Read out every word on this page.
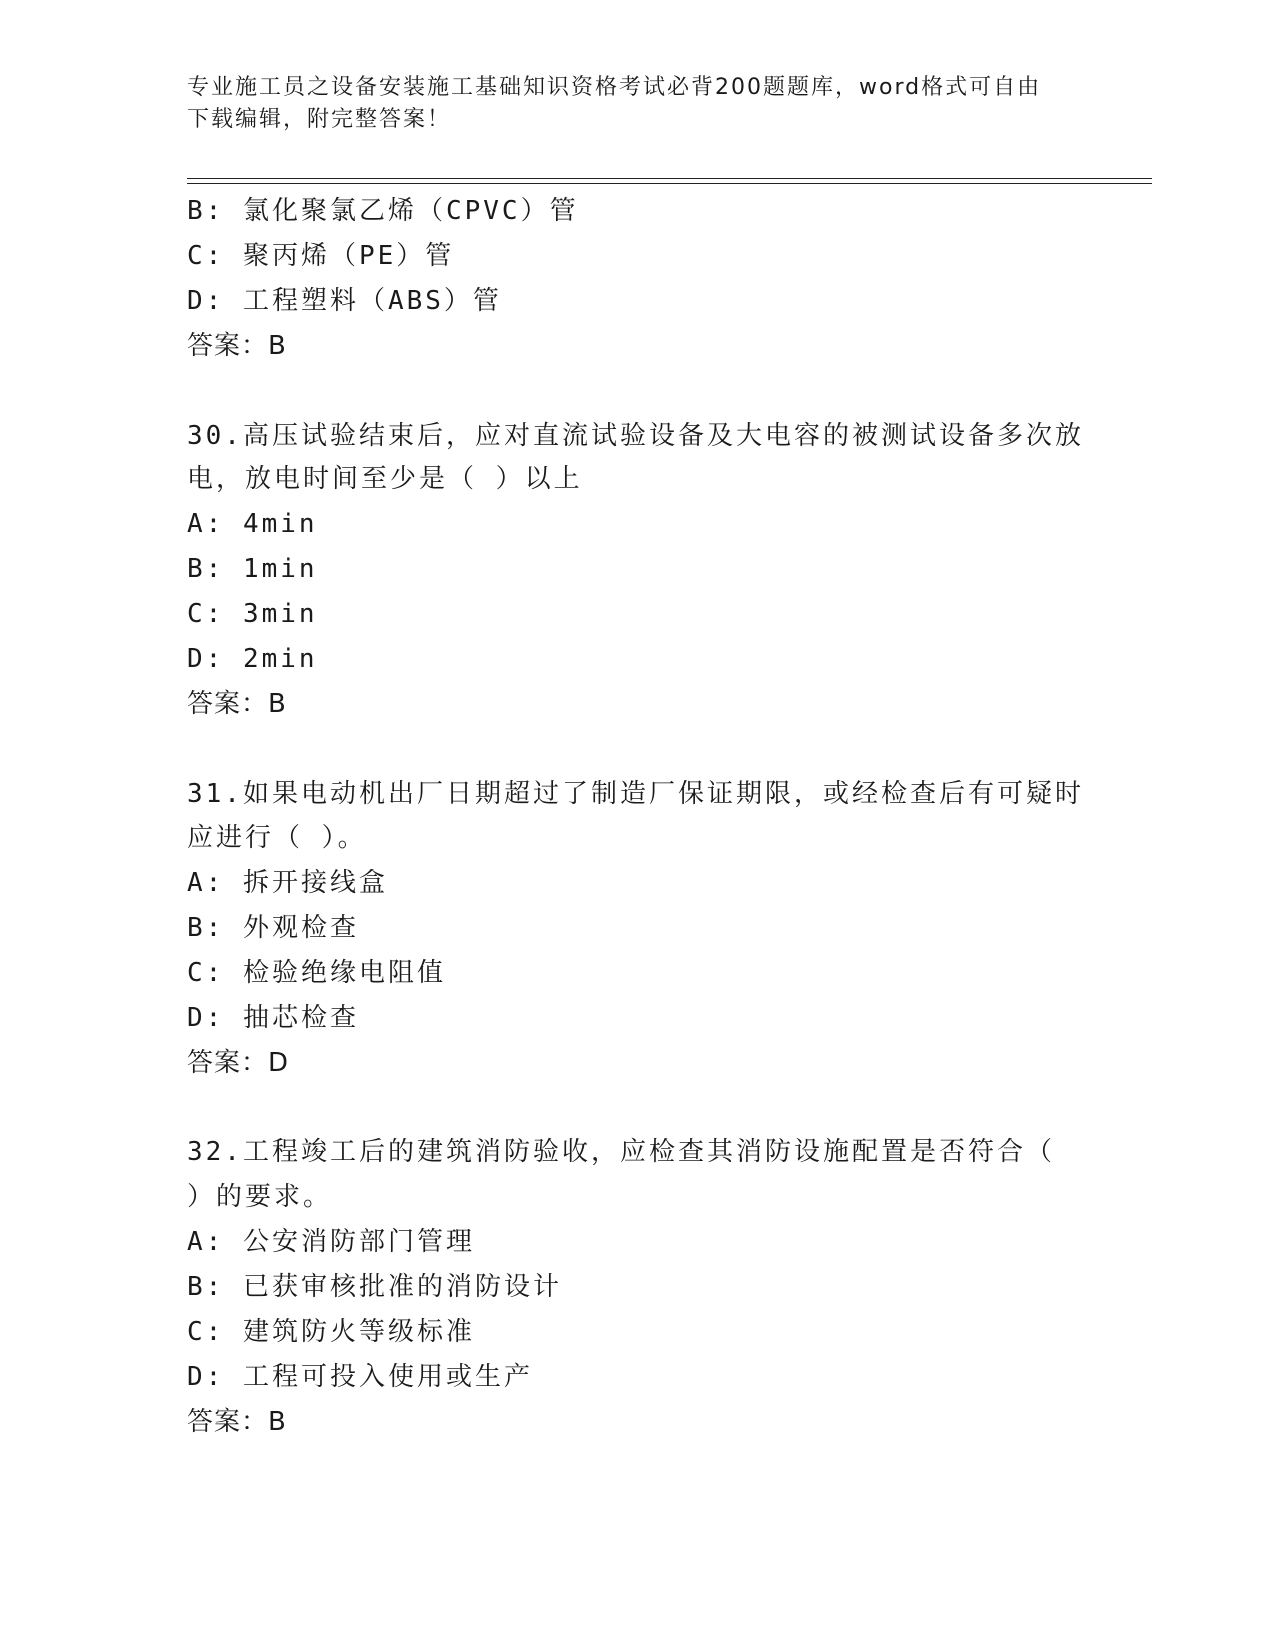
专业施工员之设备安装施工基础知识资格考试必背200题题库，word格式可自由
下载编辑，附完整答案！
B: 氯化聚氯乙烯（CPVC）管
C: 聚丙烯（PE）管
D: 工程塑料（ABS）管
答案：B
30.高压试验结束后，应对直流试验设备及大电容的被测试设备多次放
电，放电时间至少是（ ）以上
A: 4min
B: 1min
C: 3min
D: 2min
答案：B
31.如果电动机出厂日期超过了制造厂保证期限，或经检查后有可疑时
应进行（ ）。
A: 拆开接线盒
B: 外观检查
C: 检验绝缘电阻值
D: 抽芯检查
答案：D
32.工程竣工后的建筑消防验收，应检查其消防设施配置是否符合（
）的要求。
A: 公安消防部门管理
B: 已获审核批准的消防设计
C: 建筑防火等级标准
D: 工程可投入使用或生产
答案：B
